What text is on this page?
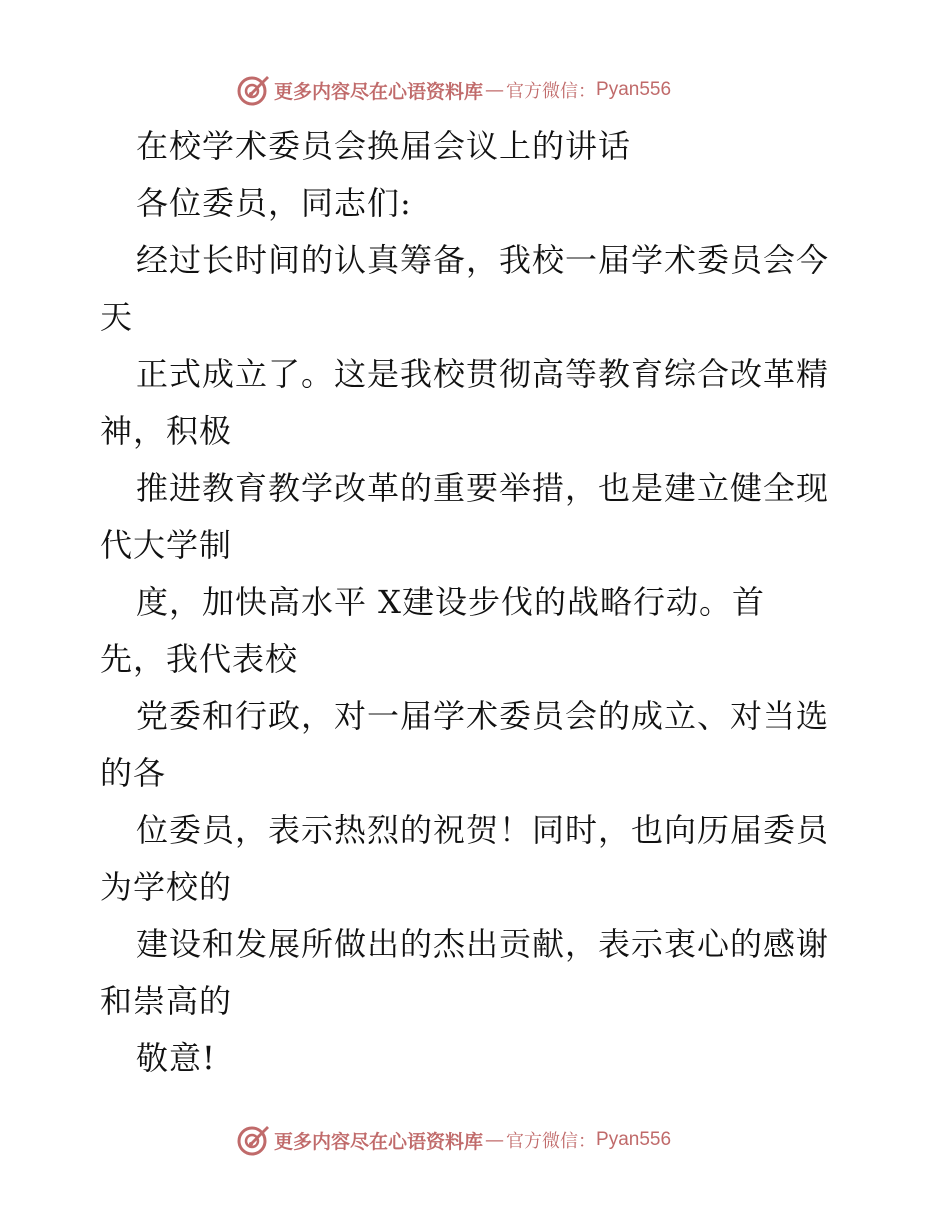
更多内容尽在心语资料库 — 官方微信： Pyan556
在校学术委员会换届会议上的讲话
各位委员，同志们:
经过长时间的认真筹备，我校一届学术委员会今
天
正式成立了。这是我校贯彻高等教育综合改革精
神，积极
推进教育教学改革的重要举措，也是建立健全现
代大学制
度，加快高水平 X建设步伐的战略行动。首
先，我代表校
党委和行政，对一届学术委员会的成立、对当选
的各
位委员，表示热烈的祝贺！同时，也向历届委员
为学校的
建设和发展所做出的杰出贡献，表示衷心的感谢
和崇高的
敬意!
更多内容尽在心语资料库 — 官方微信： Pyan556
